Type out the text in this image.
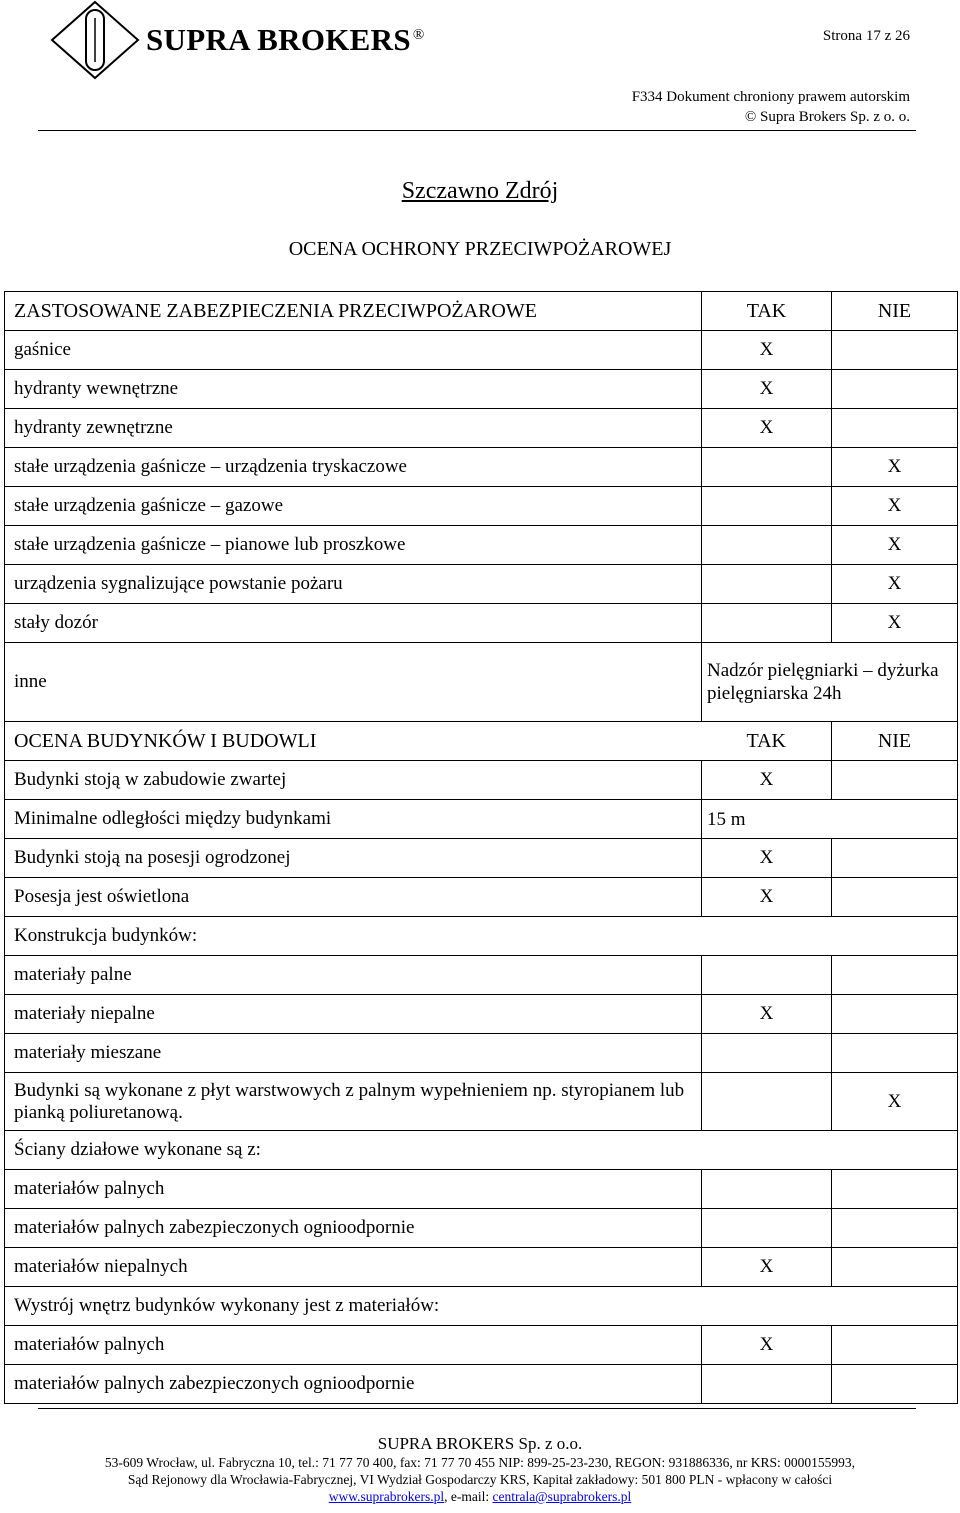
SUPRA BROKERS ®	Strona 17 z 26
F334 Dokument chroniony prawem autorskim
© Supra Brokers Sp. z o. o.
Szczawno Zdrój
OCENA OCHRONY PRZECIWPOŻAROWEJ
ZASTOSOWANE ZABEZPIECZENIA PRZECIWPOŻAROWE	TAK	NIE
gaśnice	X	
hydranty wewnętrzne	X	
hydranty zewnętrzne	X	
stałe urządzenia gaśnicze – urządzenia tryskaczowe		X
stałe urządzenia gaśnicze – gazowe		X
stałe urządzenia gaśnicze – pianowe lub proszkowe		X
urządzenia sygnalizujące powstanie pożaru		X
stały dozór		X
inne	Nadzór pielęgniarki – dyżurka pielęgniarska 24h	
OCENA BUDYNKÓW I BUDOWLI	TAK	NIE
Budynki stoją w zabudowie zwartej	X	
Minimalne odległości między budynkami	15 m	
Budynki stoją na posesji ogrodzonej	X	
Posesja jest oświetlona	X	
Konstrukcja budynków:		
materiały palne		
materiały niepalne	X	
materiały mieszane		
Budynki są wykonane z płyt warstwowych z palnym wypełnieniem np. styropianem lub pianką poliuretanową.		X
Ściany działowe wykonane są z:		
materiałów palnych		
materiałów palnych zabezpieczonych ognioodpornie		
materiałów niepalnych	X	
Wystrój wnętrz budynków wykonany jest z materiałów:		
materiałów palnych	X	
materiałów palnych zabezpieczonych ognioodpornie		
SUPRA BROKERS Sp. z o.o.
53-609 Wrocław, ul. Fabryczna 10, tel.: 71 77 70 400, fax: 71 77 70 455 NIP: 899-25-23-230, REGON: 931886336, nr KRS: 0000155993,
Sąd Rejonowy dla Wrocławia-Fabrycznej, VI Wydział Gospodarczy KRS, Kapitał zakładowy: 501 800 PLN - wpłacony w całości
www.suprabrokers.pl, e-mail: centrala@suprabrokers.pl
